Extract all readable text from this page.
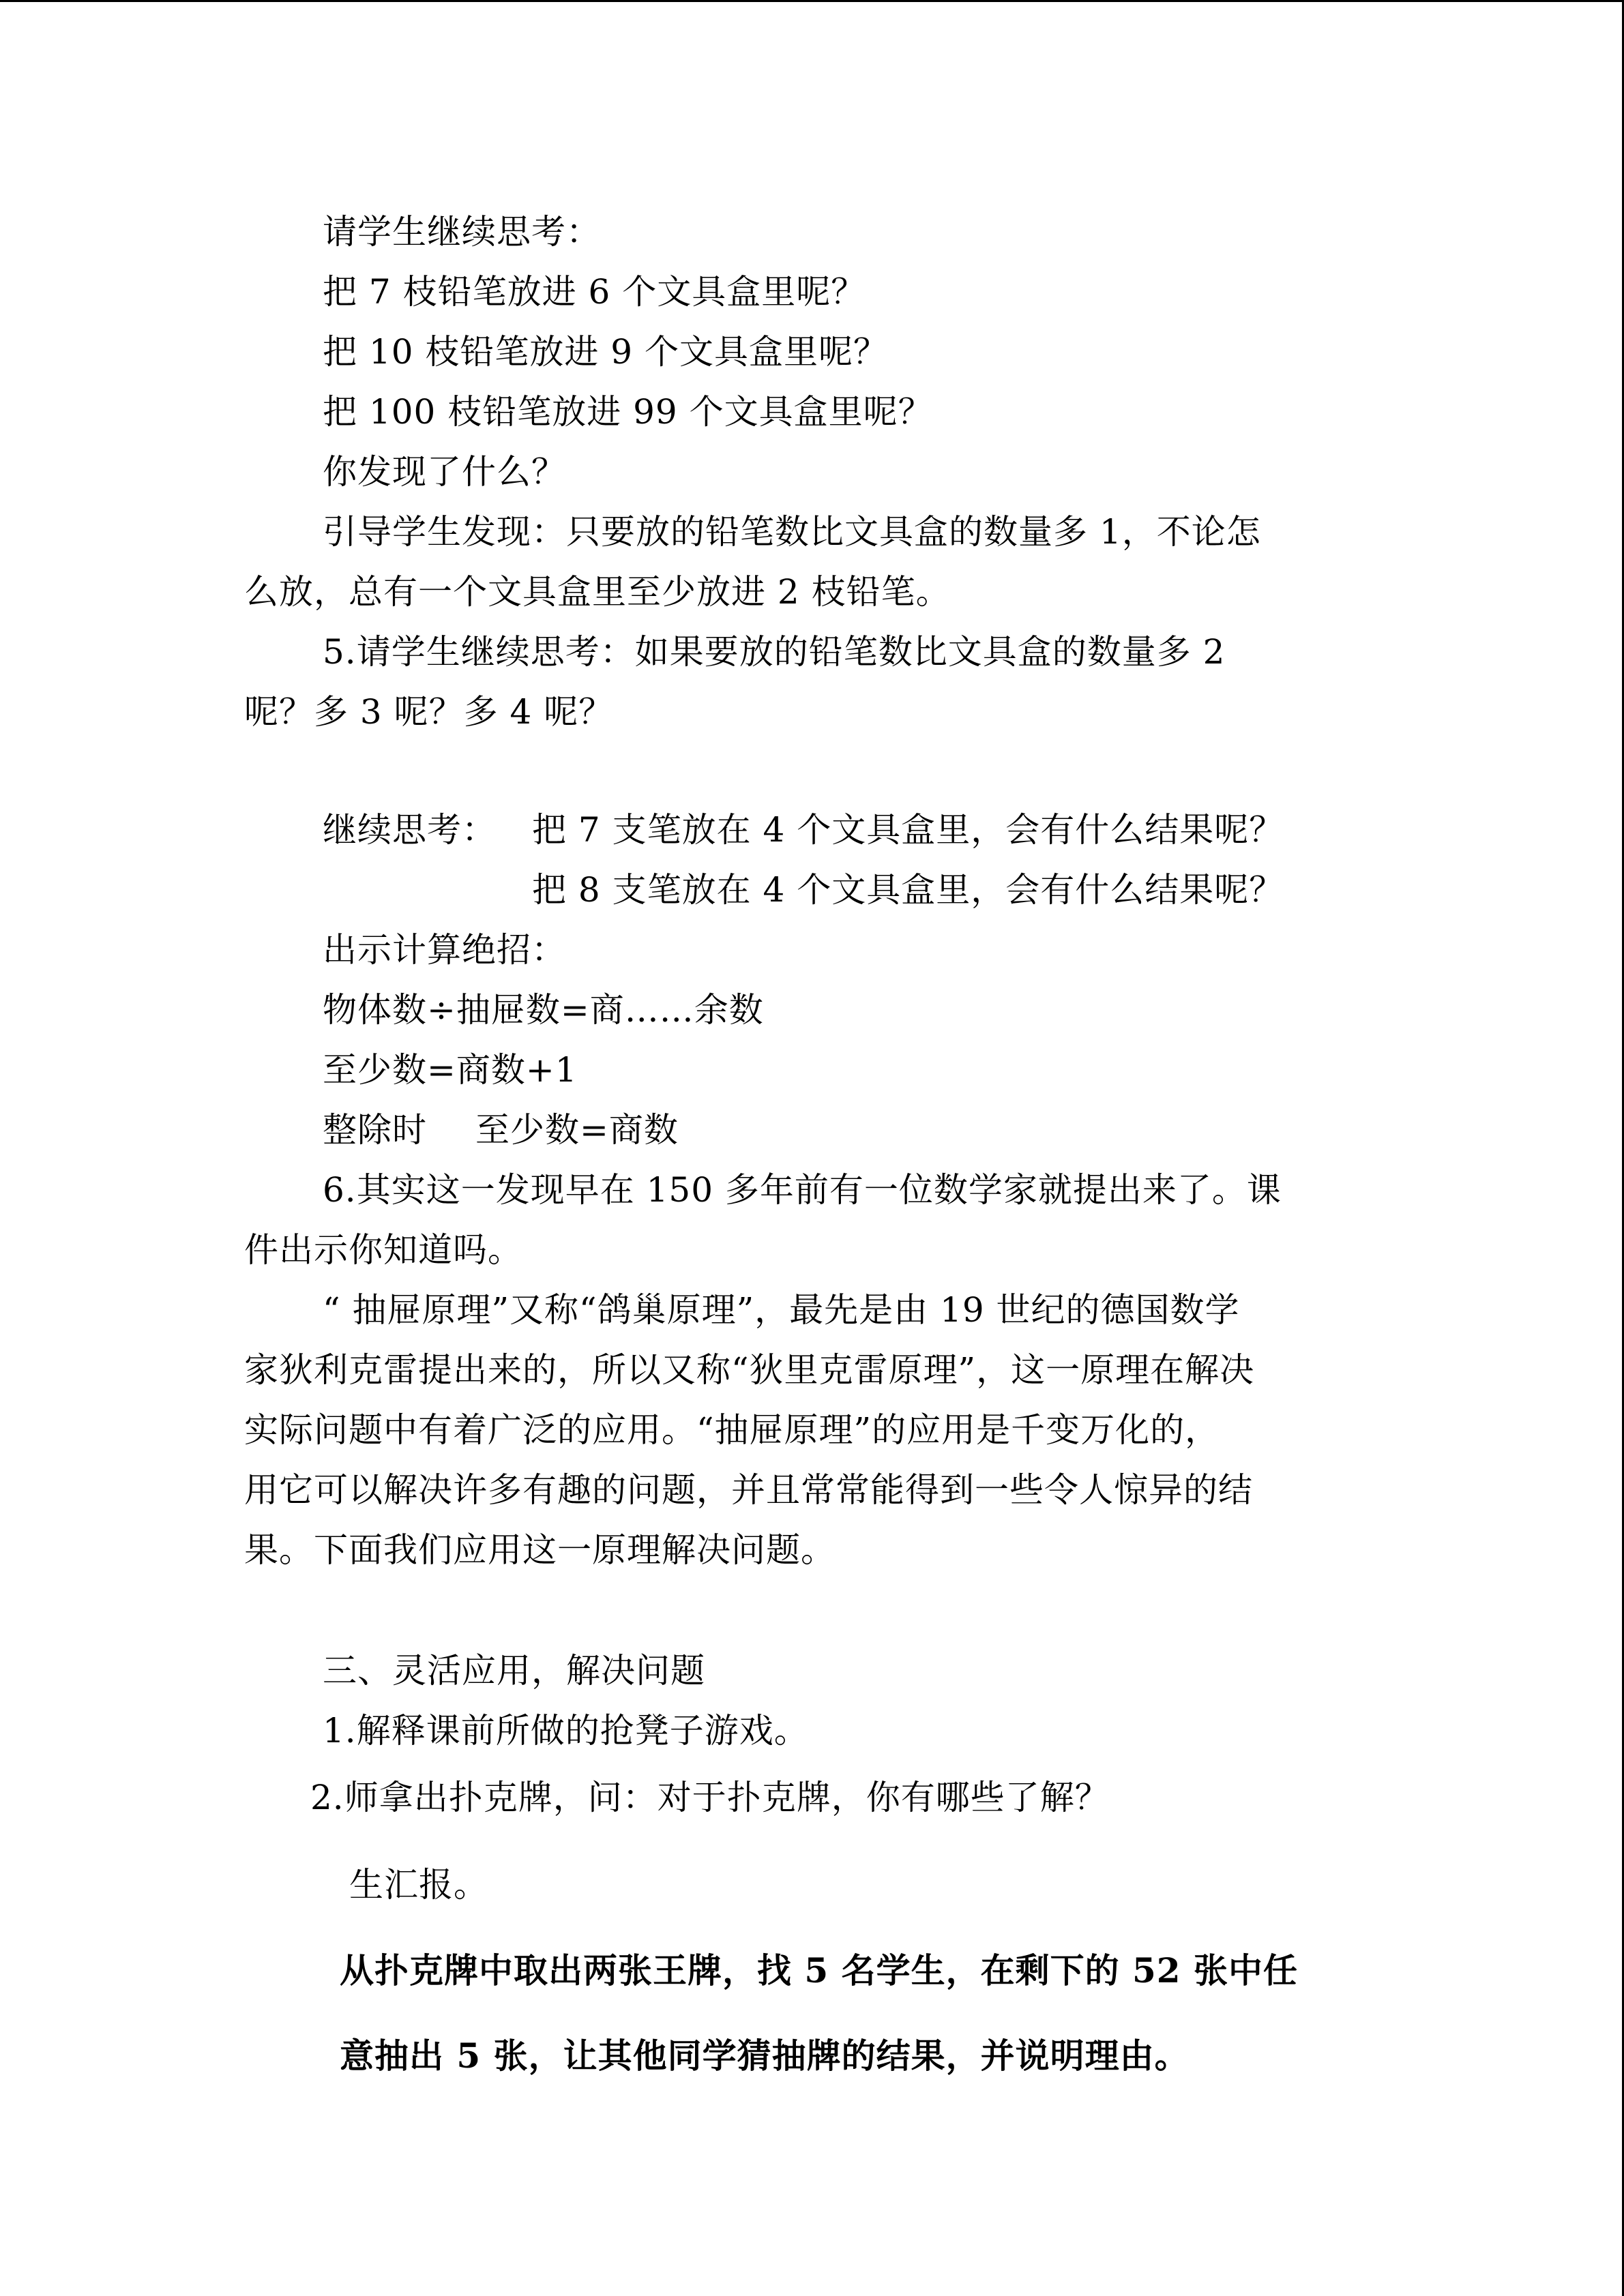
请学生继续思考：
把 7 枝铅笔放进 6 个文具盒里呢？
把 10 枝铅笔放进 9 个文具盒里呢？
把 100 枝铅笔放进 99 个文具盒里呢？
你发现了什么？
引导学生发现：只要放的铅笔数比文具盒的数量多 1，不论怎
么放，总有一个文具盒里至少放进 2 枝铅笔。
5.请学生继续思考：如果要放的铅笔数比文具盒的数量多 2
呢？多 3 呢？多 4 呢？
继续思考： 把 7 支笔放在 4 个文具盒里，会有什么结果呢？
把 8 支笔放在 4 个文具盒里，会有什么结果呢？
出示计算绝招：
物体数÷抽屉数=商……余数
至少数=商数+1
整除时 至少数=商数
6.其实这一发现早在 150 多年前有一位数学家就提出来了。课
件出示你知道吗。
“ 抽屉原理”又称“鸽巢原理”，最先是由 19 世纪的德国数学
家狄利克雷提出来的，所以又称“狄里克雷原理”，这一原理在解决
实际问题中有着广泛的应用。“抽屉原理”的应用是千变万化的，
用它可以解决许多有趣的问题，并且常常能得到一些令人惊异的结
果。下面我们应用这一原理解决问题。
三、灵活应用，解决问题
1.解释课前所做的抢凳子游戏。
2.师拿出扑克牌，问：对于扑克牌，你有哪些了解？
生汇报。
从扑克牌中取出两张王牌，找 5 名学生，在剩下的 52 张中任
意抽出 5 张，让其他同学猜抽牌的结果，并说明理由。
